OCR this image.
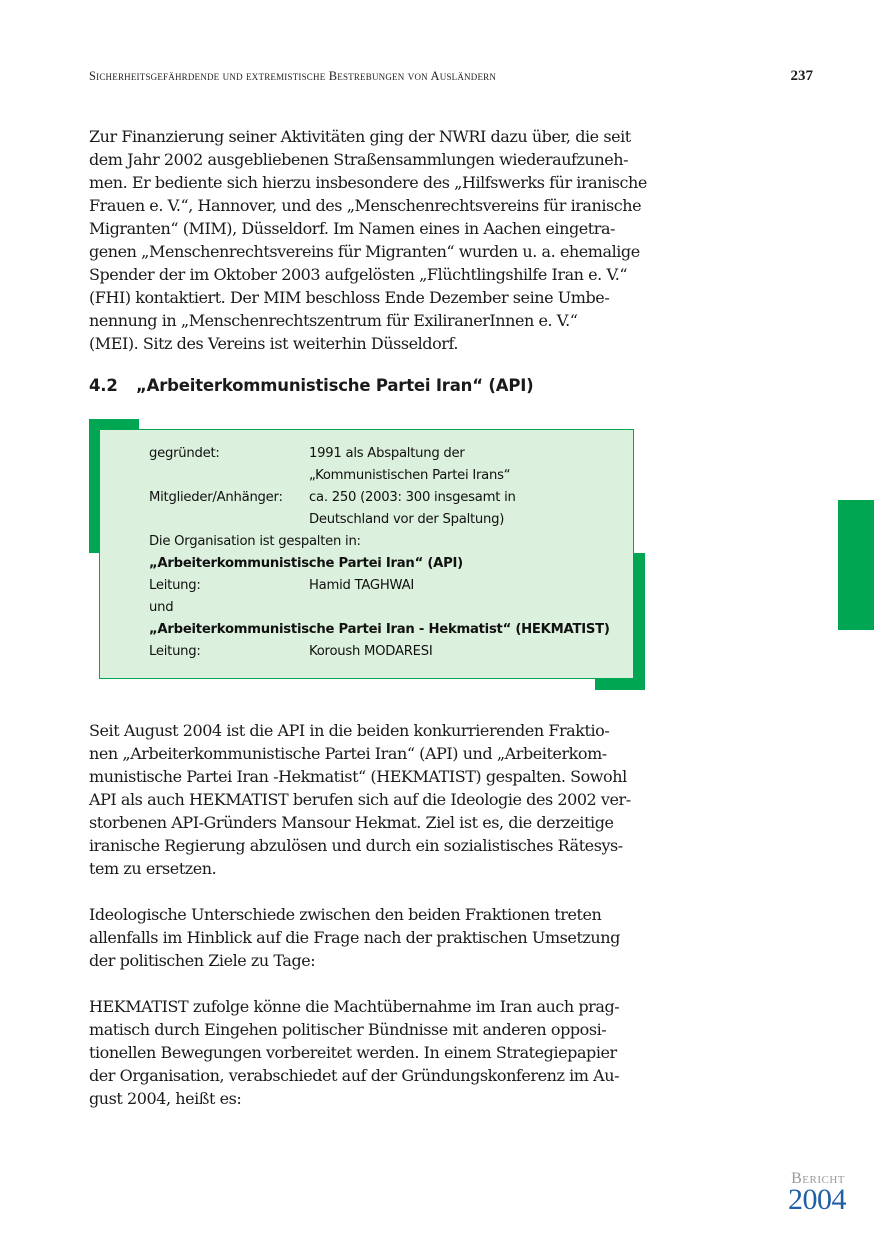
Sicherheitsgefährdende und extremistische Bestrebungen von Ausländern	237

Zur Finanzierung seiner Aktivitäten ging der NWRI dazu über, die seit
dem Jahr 2002 ausgebliebenen Straßensammlungen wiederaufzuneh-
men. Er bediente sich hierzu insbesondere des „Hilfswerks für iranische
Frauen e. V.“, Hannover, und des „Menschenrechtsvereins für iranische
Migranten“ (MIM), Düsseldorf. Im Namen eines in Aachen eingetra-
genen „Menschenrechtsvereins für Migranten“ wurden u. a. ehemalige
Spender der im Oktober 2003 aufgelösten „Flüchtlingshilfe Iran e. V.“
(FHI) kontaktiert. Der MIM beschloss Ende Dezember seine Umbe-
nennung in „Menschenrechtszentrum für ExiliranerInnen e. V.“
(MEI). Sitz des Vereins ist weiterhin Düsseldorf.

4.2 „Arbeiterkommunistische Partei Iran“ (API)
gegründet:	1991 als Abspaltung der
„Kommunistischen Partei Irans“
Mitglieder/Anhänger: ca. 250 (2003: 300 insgesamt in
Deutschland vor der Spaltung)
Die Organisation ist gespalten in:
„Arbeiterkommunistische Partei Iran“ (API)
Leitung:	Hamid TAGHWAI
und
„Arbeiterkommunistische Partei Iran - Hekmatist“ (HEKMATIST)
Leitung:	Koroush MODARESI

Seit August 2004 ist die API in die beiden konkurrierenden Fraktio-
nen „Arbeiterkommunistische Partei Iran“ (API) und „Arbeiterkom-
munistische Partei Iran -Hekmatist“ (HEKMATIST) gespalten. Sowohl
API als auch HEKMATIST berufen sich auf die Ideologie des 2002 ver-
storbenen API-Gründers Mansour Hekmat. Ziel ist es, die derzeitige
iranische Regierung abzulösen und durch ein sozialistisches Rätesys-
tem zu ersetzen.

Ideologische Unterschiede zwischen den beiden Fraktionen treten
allenfalls im Hinblick auf die Frage nach der praktischen Umsetzung
der politischen Ziele zu Tage:

HEKMATIST zufolge könne die Machtübernahme im Iran auch prag-
matisch durch Eingehen politischer Bündnisse mit anderen opposi-
tionellen Bewegungen vorbereitet werden. In einem Strategiepapier
der Organisation, verabschiedet auf der Gründungskonferenz im Au-
gust 2004, heißt es:

Bericht
2004
